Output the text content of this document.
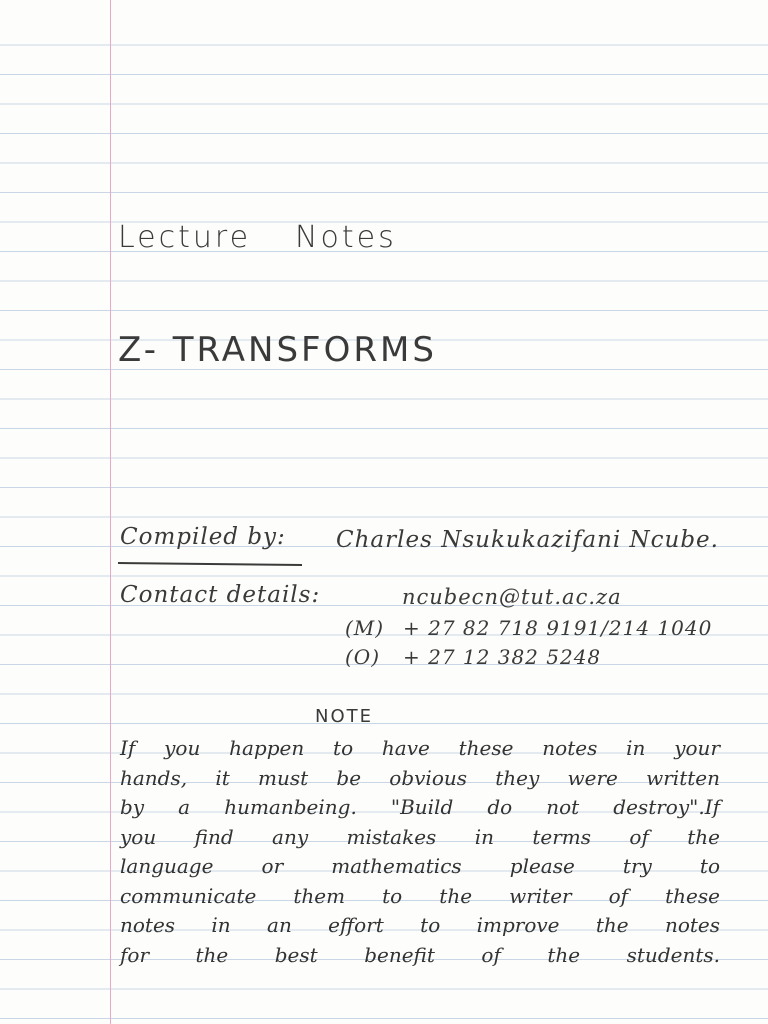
Lecture Notes
Z- TRANSFORMS
Compiled by: Charles Nsukukazifani Ncube.
Contact details:	ncubecn@tut.ac.za
(M) + 27 82 718 9191/214 1040
(O) + 27 12 382 5248
NOTE
If you happen to have these notes in your
hands, it must be obvious they were written
by a humanbeing. "Build do not destroy".If
you find any mistakes in terms of the
language or mathematics please try to
communicate them to the writer of these
notes in an effort to improve the notes
for the best benefit of the students.
